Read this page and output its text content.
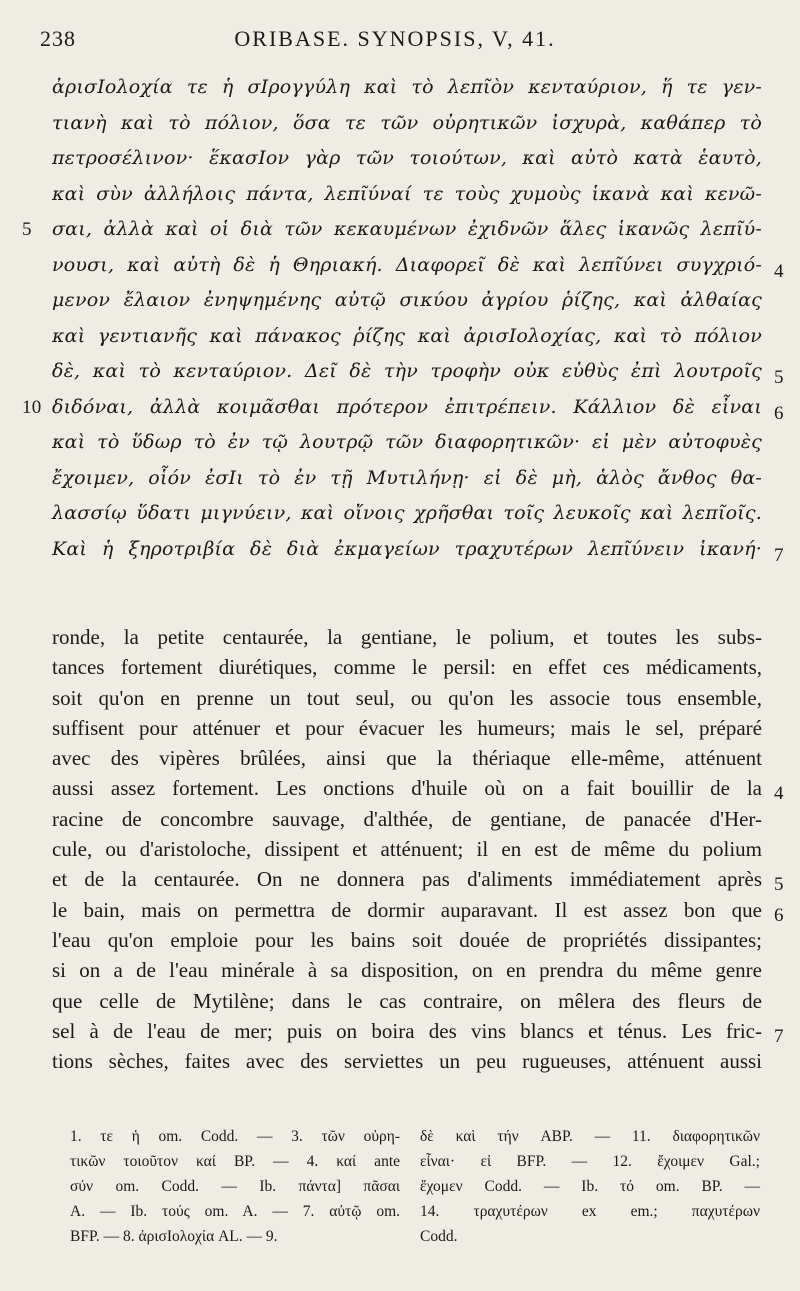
238	ORIBASE. SYNOPSIS, V, 41.
ἀρισΙολοχία τε ἡ σΙρογγύλη καὶ τὸ λεπῖὸν κενταύριον, ἥ τε γεν-
τιανὴ καὶ τὸ πόλιον, ὅσα τε τῶν οὐρητικῶν ἰσχυρὰ, καθάπερ τὸ
πετροσέλινον· ἕκασΙον γὰρ τῶν τοιούτων, καὶ αὐτὸ κατὰ ἑαυτὸ,
καὶ σὺν ἀλλήλοις πάντα, λεπῖύναί τε τοὺς χυμοὺς ἱκανὰ καὶ κενῶ-
σαι, ἀλλὰ καὶ οἱ διὰ τῶν κεκαυμένων ἐχιδνῶν ἅλες ἱκανῶς λεπῖύ-
5
νουσι, καὶ αὐτὴ δὲ ἡ Θηριακή. Διαφορεῖ δὲ καὶ λεπῖύνει συγχριό- 4
μενον ἔλαιον ἐνηψημένης αὐτῷ σικύου ἀγρίου ῥίζης, καὶ ἀλθαίας
καὶ γεντιανῆς καὶ πάνακος ῥίζης καὶ ἀρισΙολοχίας, καὶ τὸ πόλιον
δὲ, καὶ τὸ κενταύριον. Δεῖ δὲ τὴν τροφὴν οὐκ εὐθὺς ἐπὶ λουτροῖς 5
διδόναι, ἀλλὰ κοιμᾶσθαι πρότερον ἐπιτρέπειν. Κάλλιον δὲ εἶναι
10	6
καὶ τὸ ὕδωρ τὸ ἐν τῷ λουτρῷ τῶν διαφορητικῶν· εἰ μὲν αὐτοφυὲς
ἔχοιμεν, οἷόν ἐσΙι τὸ ἐν τῇ Μυτιλήνῃ· εἰ δὲ μὴ, ἁλὸς ἄνθος θα-
λασσίῳ ὕδατι μιγνύειν, καὶ οἴνοις χρῆσθαι τοῖς λευκοῖς καὶ λεπῖοῖς.
Καὶ ἡ ξηροτριβία δὲ διὰ ἐκμαγείων τραχυτέρων λεπῖύνειν ἱκανή· 7
ronde, la petite centaurée, la gentiane, le polium, et toutes les subs-
tances fortement diurétiques, comme le persil: en effet ces médicaments,
soit qu'on en prenne un tout seul, ou qu'on les associe tous ensemble,
suffisent pour atténuer et pour évacuer les humeurs; mais le sel, préparé
avec des vipères brûlées, ainsi que la thériaque elle-même, atténuent
aussi assez fortement. Les onctions d'huile où on a fait bouillir de la 4
racine de concombre sauvage, d'althée, de gentiane, de panacée d'Her-
cule, ou d'aristoloche, dissipent et atténuent; il en est de même du polium
et de la centaurée. On ne donnera pas d'aliments immédiatement après 5
le bain, mais on permettra de dormir auparavant. Il est assez bon que 6
l'eau qu'on emploie pour les bains soit douée de propriétés dissipantes;
si on a de l'eau minérale à sa disposition, on en prendra du même genre
que celle de Mytilène; dans le cas contraire, on mêlera des fleurs de
sel à de l'eau de mer; puis on boira des vins blancs et ténus. Les fric- 7
tions sèches, faites avec des serviettes un peu rugueuses, atténuent aussi
1. τε ἡ om. Codd. — 3. τῶν οὐρη-
τικῶν τοιοῦτον καί BP. — 4. καί ante
σύν om. Codd. — Ib. πάντα] πᾶσαι
A. — Ib. τούς om. A. — 7. αὐτῷ om.
BFP. — 8. ἀρισΙολοχία AL. — 9.
δὲ καὶ τήν ABP. — 11. διαφορητικῶν
εἶναι· εἰ BFP. — 12. ἔχοιμεν Gal.;
ἔχομεν Codd. — Ib. τό om. BP. —
14. τραχυτέρων ex em.; παχυτέρων
Codd.
